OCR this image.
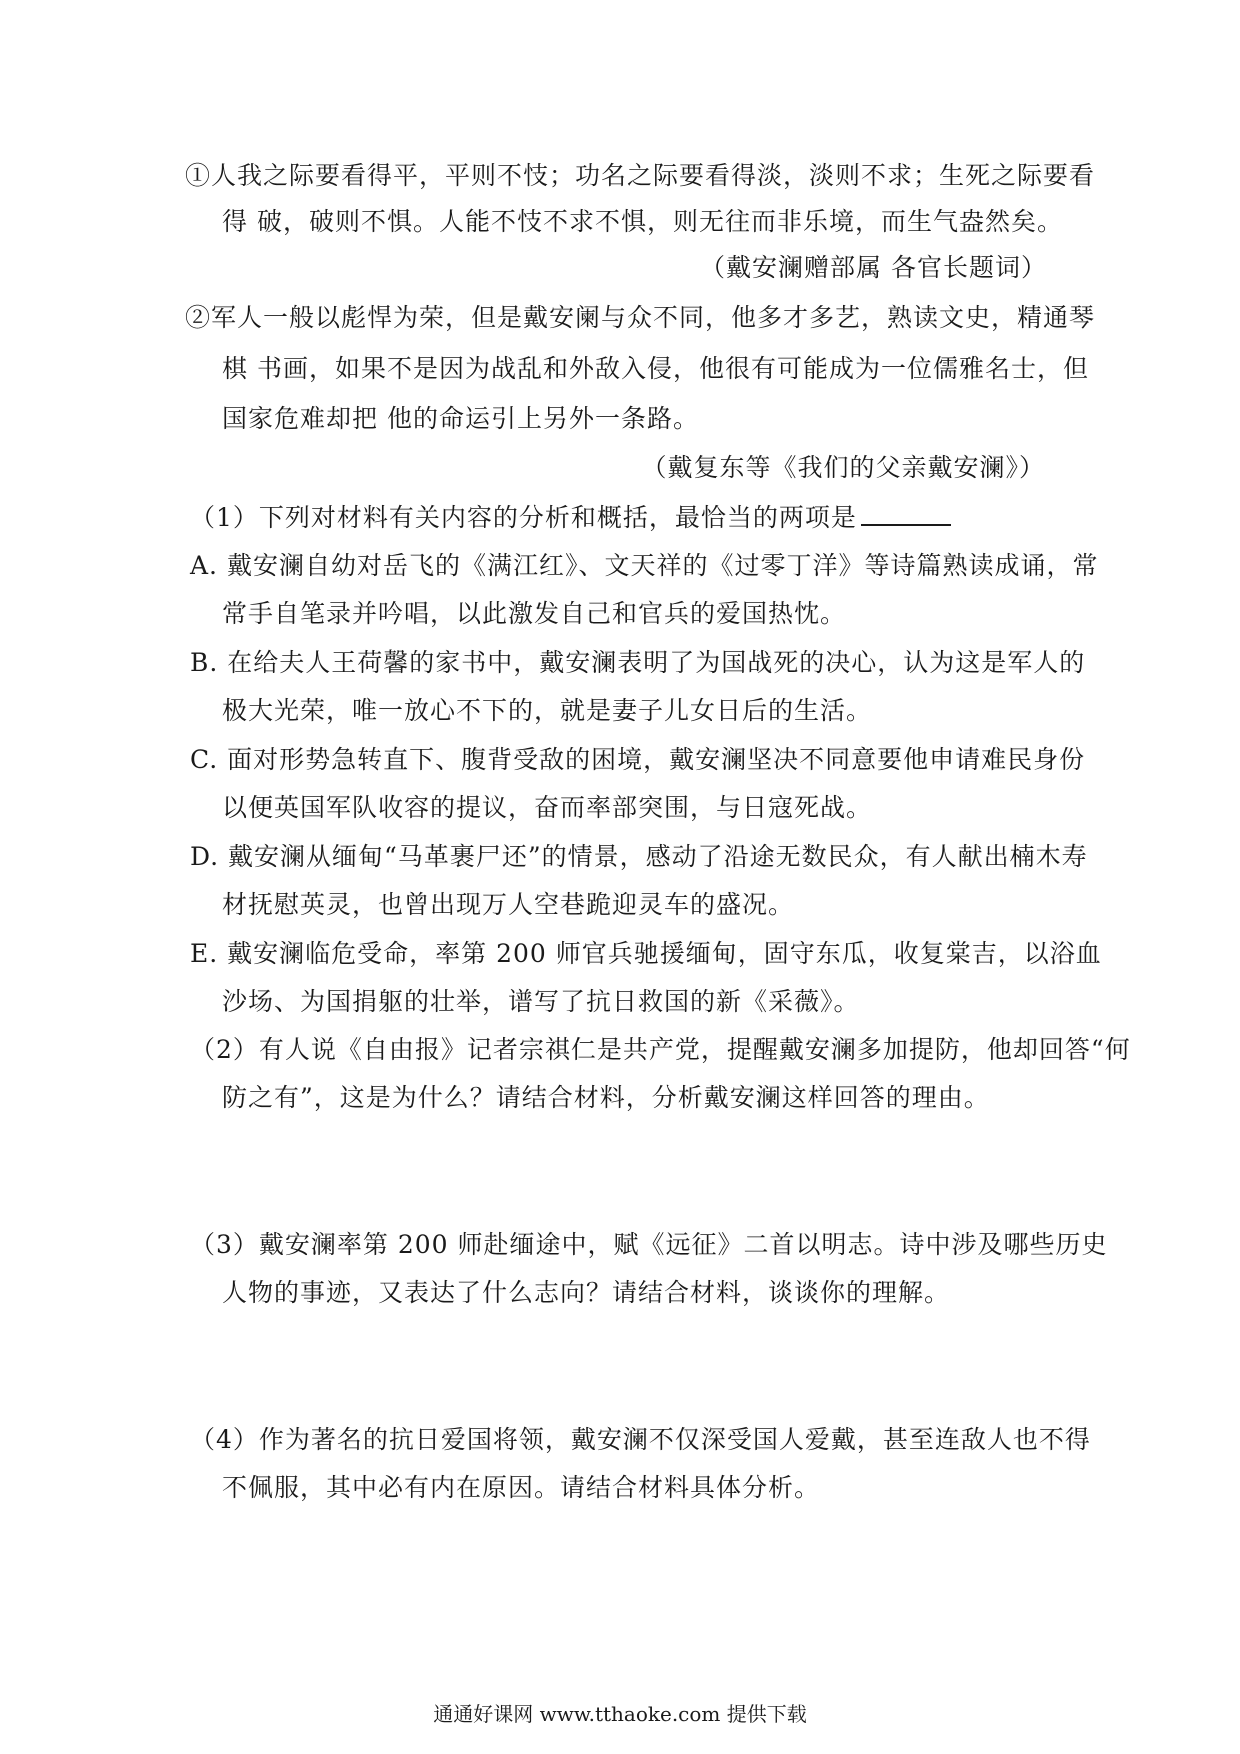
①人我之际要看得平，平则不忮；功名之际要看得淡，淡则不求；生死之际要看
得 破，破则不惧。人能不忮不求不惧，则无往而非乐境，而生气盎然矣。
（戴安澜赠部属 各官长题词）
②军人一般以彪悍为荣，但是戴安阑与众不同，他多才多艺，熟读文史，精通琴
棋 书画，如果不是因为战乱和外敌入侵，他很有可能成为一位儒雅名士，但
国家危难却把 他的命运引上另外一条路。
（戴复东等《我们的父亲戴安澜》）
（1）下列对材料有关内容的分析和概括，最恰当的两项是
A. 戴安澜自幼对岳飞的《满江红》、文天祥的《过零丁洋》等诗篇熟读成诵，常
常手自笔录并吟唱，以此激发自己和官兵的爱国热忱。
B. 在给夫人王荷馨的家书中，戴安澜表明了为国战死的决心，认为这是军人的
极大光荣，唯一放心不下的，就是妻子儿女日后的生活。
C. 面对形势急转直下、腹背受敌的困境，戴安澜坚决不同意要他申请难民身份
以便英国军队收容的提议，奋而率部突围，与日寇死战。
D. 戴安澜从缅甸“马革裹尸还”的情景，感动了沿途无数民众，有人献出楠木寿
材抚慰英灵，也曾出现万人空巷跪迎灵车的盛况。
E. 戴安澜临危受命，率第 200 师官兵驰援缅甸，固守东瓜，收复棠吉，以浴血
沙场、为国捐躯的壮举，谱写了抗日救国的新《采薇》。
（2）有人说《自由报》记者宗祺仁是共产党，提醒戴安澜多加提防，他却回答“何
防之有”，这是为什么？请结合材料，分析戴安澜这样回答的理由。
（3）戴安澜率第 200 师赴缅途中，赋《远征》二首以明志。诗中涉及哪些历史
人物的事迹，又表达了什么志向？请结合材料，谈谈你的理解。
（4）作为著名的抗日爱国将领，戴安澜不仅深受国人爱戴，甚至连敌人也不得
不佩服，其中必有内在原因。请结合材料具体分析。
通通好课网 www.tthaoke.com 提供下载
